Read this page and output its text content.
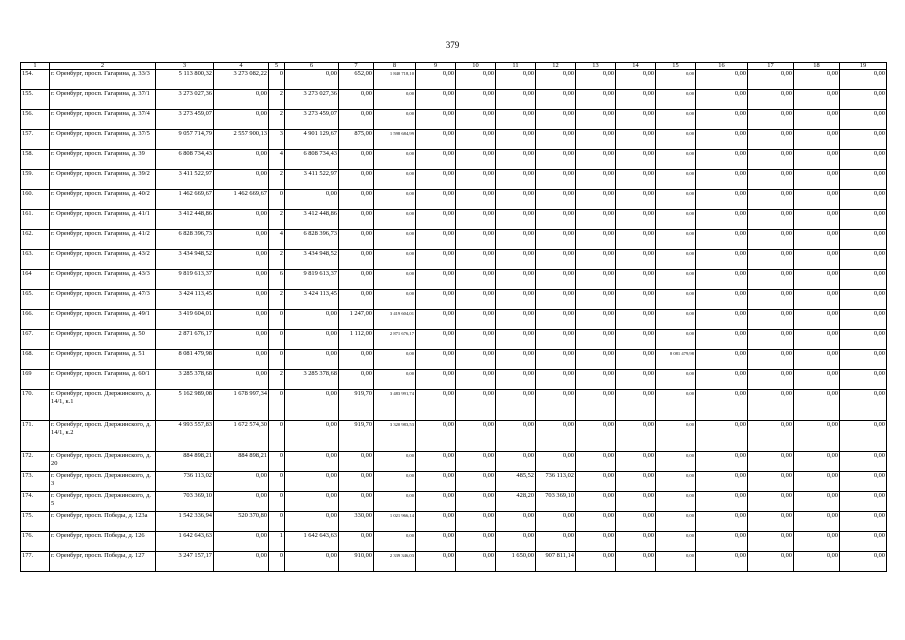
379
1	2	3	4	5	6	7	8	9	10	11	12	13	14	15	16	17	18	19
154.	г. Оренбург, просп. Гагарина, д. 33/3	5 113 800,32	3 273 082,22	0	0,00	652,00	1 840 718,10	0,00	0,00	0,00	0,00	0,00	0,00	0,00	0,00	0,00	0,00	0,00
155.	г. Оренбург, просп. Гагарина, д. 37/1	3 273 027,36	0,00	2	3 273 027,36	0,00	0,00	0,00	0,00	0,00	0,00	0,00	0,00	0,00	0,00	0,00	0,00	0,00
156.	г. Оренбург, просп. Гагарина, д. 37/4	3 273 459,07	0,00	2	3 273 459,07	0,00	0,00	0,00	0,00	0,00	0,00	0,00	0,00	0,00	0,00	0,00	0,00	0,00
157.	г. Оренбург, просп. Гагарина, д. 37/5	9 057 714,79	2 557 900,13	3	4 901 129,67	875,00	1 598 684,99	0,00	0,00	0,00	0,00	0,00	0,00	0,00	0,00	0,00	0,00	0,00
158.	г. Оренбург, просп. Гагарина, д. 39	6 808 734,43	0,00	4	6 808 734,43	0,00	0,00	0,00	0,00	0,00	0,00	0,00	0,00	0,00	0,00	0,00	0,00	0,00
159.	г. Оренбург, просп. Гагарина, д. 39/2	3 411 522,97	0,00	2	3 411 522,97	0,00	0,00	0,00	0,00	0,00	0,00	0,00	0,00	0,00	0,00	0,00	0,00	0,00
160.	г. Оренбург, просп. Гагарина, д. 40/2	1 462 669,67	1 462 669,67	0	0,00	0,00	0,00	0,00	0,00	0,00	0,00	0,00	0,00	0,00	0,00	0,00	0,00	0,00
161.	г. Оренбург, просп. Гагарина, д. 41/1	3 412 448,86	0,00	2	3 412 448,86	0,00	0,00	0,00	0,00	0,00	0,00	0,00	0,00	0,00	0,00	0,00	0,00	0,00
162.	г. Оренбург, просп. Гагарина, д. 41/2	6 828 396,73	0,00	4	6 828 396,73	0,00	0,00	0,00	0,00	0,00	0,00	0,00	0,00	0,00	0,00	0,00	0,00	0,00
163.	г. Оренбург, просп. Гагарина, д. 43/2	3 434 948,52	0,00	2	3 434 948,52	0,00	0,00	0,00	0,00	0,00	0,00	0,00	0,00	0,00	0,00	0,00	0,00	0,00
164	г. Оренбург, просп. Гагарина, д. 43/3	9 819 613,37	0,00	6	9 819 613,37	0,00	0,00	0,00	0,00	0,00	0,00	0,00	0,00	0,00	0,00	0,00	0,00	0,00
165.	г. Оренбург, просп. Гагарина, д. 47/3	3 424 113,45	0,00	2	3 424 113,45	0,00	0,00	0,00	0,00	0,00	0,00	0,00	0,00	0,00	0,00	0,00	0,00	0,00
166.	г. Оренбург, просп. Гагарина, д. 49/1	3 419 604,01	0,00	0	0,00	1 247,00	3 419 604,01	0,00	0,00	0,00	0,00	0,00	0,00	0,00	0,00	0,00	0,00	0,00
167.	г. Оренбург, просп. Гагарина, д. 50	2 871 676,17	0,00	0	0,00	1 112,00	2 871 676,17	0,00	0,00	0,00	0,00	0,00	0,00	0,00	0,00	0,00	0,00	0,00
168.	г. Оренбург, просп. Гагарина, д. 51	8 081 479,98	0,00	0	0,00	0,00	0,00	0,00	0,00	0,00	0,00	0,00	0,00	8 081 479,98	0,00	0,00	0,00	0,00
169	г. Оренбург, просп. Гагарина, д. 60/1	3 285 378,68	0,00	2	3 285 378,68	0,00	0,00	0,00	0,00	0,00	0,00	0,00	0,00	0,00	0,00	0,00	0,00	0,00
170.	г. Оренбург, просп. Дзержинского, д. 14/1, к.1	5 162 989,08	1 678 997,34	0	0,00	919,70	3 483 991,74	0,00	0,00	0,00	0,00	0,00	0,00	0,00	0,00	0,00	0,00	0,00
171.	г. Оренбург, просп. Дзержинского, д. 14/1, к.2	4 993 557,83	1 672 574,30	0	0,00	919,70	3 320 983,53	0,00	0,00	0,00	0,00	0,00	0,00	0,00	0,00	0,00	0,00	0,00
172.	г. Оренбург, просп. Дзержинского, д. 20	884 898,21	884 898,21	0	0,00	0,00	0,00	0,00	0,00	0,00	0,00	0,00	0,00	0,00	0,00	0,00	0,00	0,00
173.	г. Оренбург, просп. Дзержинского, д. 3	736 113,02	0,00	0	0,00	0,00	0,00	0,00	0,00	485,52	736 113,02	0,00	0,00	0,00	0,00	0,00	0,00	0,00
174.	г. Оренбург, просп. Дзержинского, д. 5	703 369,10	0,00	0	0,00	0,00	0,00	0,00	0,00	428,20	703 369,10	0,00	0,00	0,00	0,00	0,00	0,00	0,00
175.	г. Оренбург, просп. Победы, д. 123а	1 542 336,94	520 370,80	0	0,00	330,00	1 021 966,14	0,00	0,00	0,00	0,00	0,00	0,00	0,00	0,00	0,00	0,00	0,00
176.	г. Оренбург, просп. Победы, д. 126	1 642 643,63	0,00	1	1 642 643,63	0,00	0,00	0,00	0,00	0,00	0,00	0,00	0,00	0,00	0,00	0,00	0,00	0,00
177.	г. Оренбург, просп. Победы, д. 127	3 247 157,17	0,00	0	0,00	910,00	2 339 346,03	0,00	0,00	1 650,00	907 811,14	0,00	0,00	0,00	0,00	0,00	0,00	0,00
